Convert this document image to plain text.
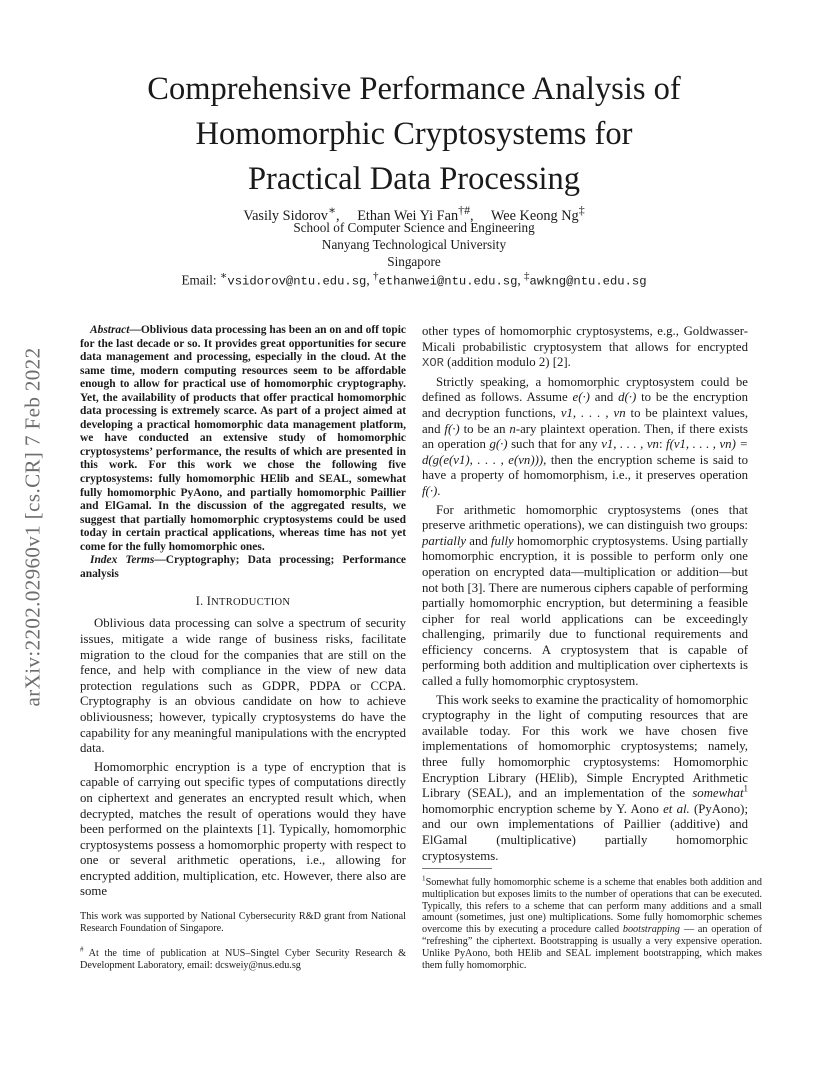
arXiv:2202.02960v1 [cs.CR] 7 Feb 2022
Comprehensive Performance Analysis of
Homomorphic Cryptosystems for
Practical Data Processing
Vasily Sidorov∗, Ethan Wei Yi Fan†#, Wee Keong Ng‡
School of Computer Science and Engineering
Nanyang Technological University
Singapore
Email: ∗vsidorov@ntu.edu.sg, †ethanwei@ntu.edu.sg, ‡awkng@ntu.edu.sg

Abstract—Oblivious data processing has been an on and off topic for the last decade or so. It provides great opportunities for secure data management and processing, especially in the cloud. At the same time, modern computing resources seem to be affordable enough to allow for practical use of homomorphic cryptography. Yet, the availability of products that offer practical homomorphic data processing is extremely scarce. As part of a project aimed at developing a practical homomorphic data management platform, we have conducted an extensive study of homomorphic cryptosystems’ performance, the results of which are presented in this work. For this work we chose the following five cryptosystems: fully homomorphic HElib and SEAL, somewhat fully homomorphic PyAono, and partially homomorphic Paillier and ElGamal. In the discussion of the aggregated results, we suggest that partially homomorphic cryptosystems could be used today in certain practical applications, whereas time has not yet come for the fully homomorphic ones.

Index Terms—Cryptography; Data processing; Performance analysis

I. INTRODUCTION

Oblivious data processing can solve a spectrum of security issues, mitigate a wide range of business risks, facilitate migration to the cloud for the companies that are still on the fence, and help with compliance in the view of new data protection regulations such as GDPR, PDPA or CCPA. Cryptography is an obvious candidate on how to achieve obliviousness; however, typically cryptosystems do have the capability for any meaningful manipulations with the encrypted data.

Homomorphic encryption is a type of encryption that is capable of carrying out specific types of computations directly on ciphertext and generates an encrypted result which, when decrypted, matches the result of operations would they have been performed on the plaintexts [1]. Typically, homomorphic cryptosystems possess a homomorphic property with respect to one or several arithmetic operations, i.e., allowing for encrypted addition, multiplication, etc. However, there also are some

other types of homomorphic cryptosystems, e.g., Goldwasser-Micali probabilistic cryptosystem that allows for encrypted XOR (addition modulo 2) [2].

Strictly speaking, a homomorphic cryptosystem could be defined as follows. Assume e(·) and d(·) to be the encryption and decryption functions, v1, . . . , vn to be plaintext values, and f(·) to be an n-ary plaintext operation. Then, if there exists an operation g(·) such that for any v1, . . . , vn: f(v1, . . . , vn) = d(g(e(v1), . . . , e(vn))), then the encryption scheme is said to have a property of homomorphism, i.e., it preserves operation f(·).

For arithmetic homomorphic cryptosystems (ones that preserve arithmetic operations), we can distinguish two groups: partially and fully homomorphic cryptosystems. Using partially homomorphic encryption, it is possible to perform only one operation on encrypted data—multiplication or addition—but not both [3]. There are numerous ciphers capable of performing partially homomorphic encryption, but determining a feasible cipher for real world applications can be exceedingly challenging, primarily due to functional requirements and efficiency concerns. A cryptosystem that is capable of performing both addition and multiplication over ciphertexts is called a fully homomorphic cryptosystem.

This work seeks to examine the practicality of homomorphic cryptography in the light of computing resources that are available today. For this work we have chosen five implementations of homomorphic cryptosystems; namely, three fully homomorphic cryptosystems: Homomorphic Encryption Library (HElib), Simple Encrypted Arithmetic Library (SEAL), and an implementation of the somewhat$^1$ homomorphic encryption scheme by Y. Aono et al. (PyAono); and our own implementations of Paillier (additive) and ElGamal (multiplicative) partially homomorphic cryptosystems.

This work was supported by National Cybersecurity R&D grant from National Research Foundation of Singapore.
# At the time of publication at NUS–Singtel Cyber Security Research & Development Laboratory, email: dcsweiy@nus.edu.sg
$^1$Somewhat fully homomorphic scheme is a scheme that enables both addition and multiplication but exposes limits to the number of operations that can be executed. Typically, this refers to a scheme that can perform many additions and a small amount (sometimes, just one) multiplications. Some fully homomorphic schemes overcome this by executing a procedure called bootstrapping — an operation of “refreshing” the ciphertext. Bootstrapping is usually a very expensive operation. Unlike PyAono, both HElib and SEAL implement bootstrapping, which makes them fully homomorphic.
